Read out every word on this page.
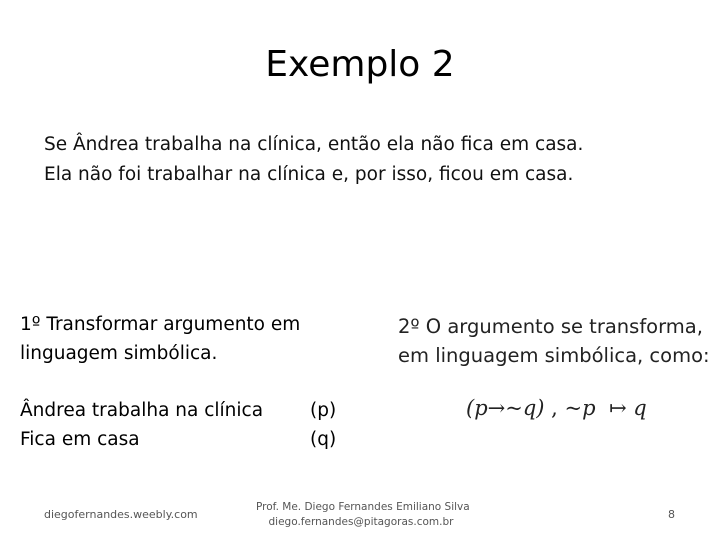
Exemplo 2
Se Ândrea trabalha na clínica, então ela não fica em casa.
Ela não foi trabalhar na clínica e, por isso, ficou em casa.
1º Transformar argumento em
linguagem simbólica.
2º O argumento se transforma,
em linguagem simbólica, como:
Ândrea trabalha na clínica
Fica em casa
(p)
(q)
(p→~q) , ~p ↦ q
diegofernandes.weebly.com
Prof. Me. Diego Fernandes Emiliano Silva
diego.fernandes@pitagoras.com.br
8
